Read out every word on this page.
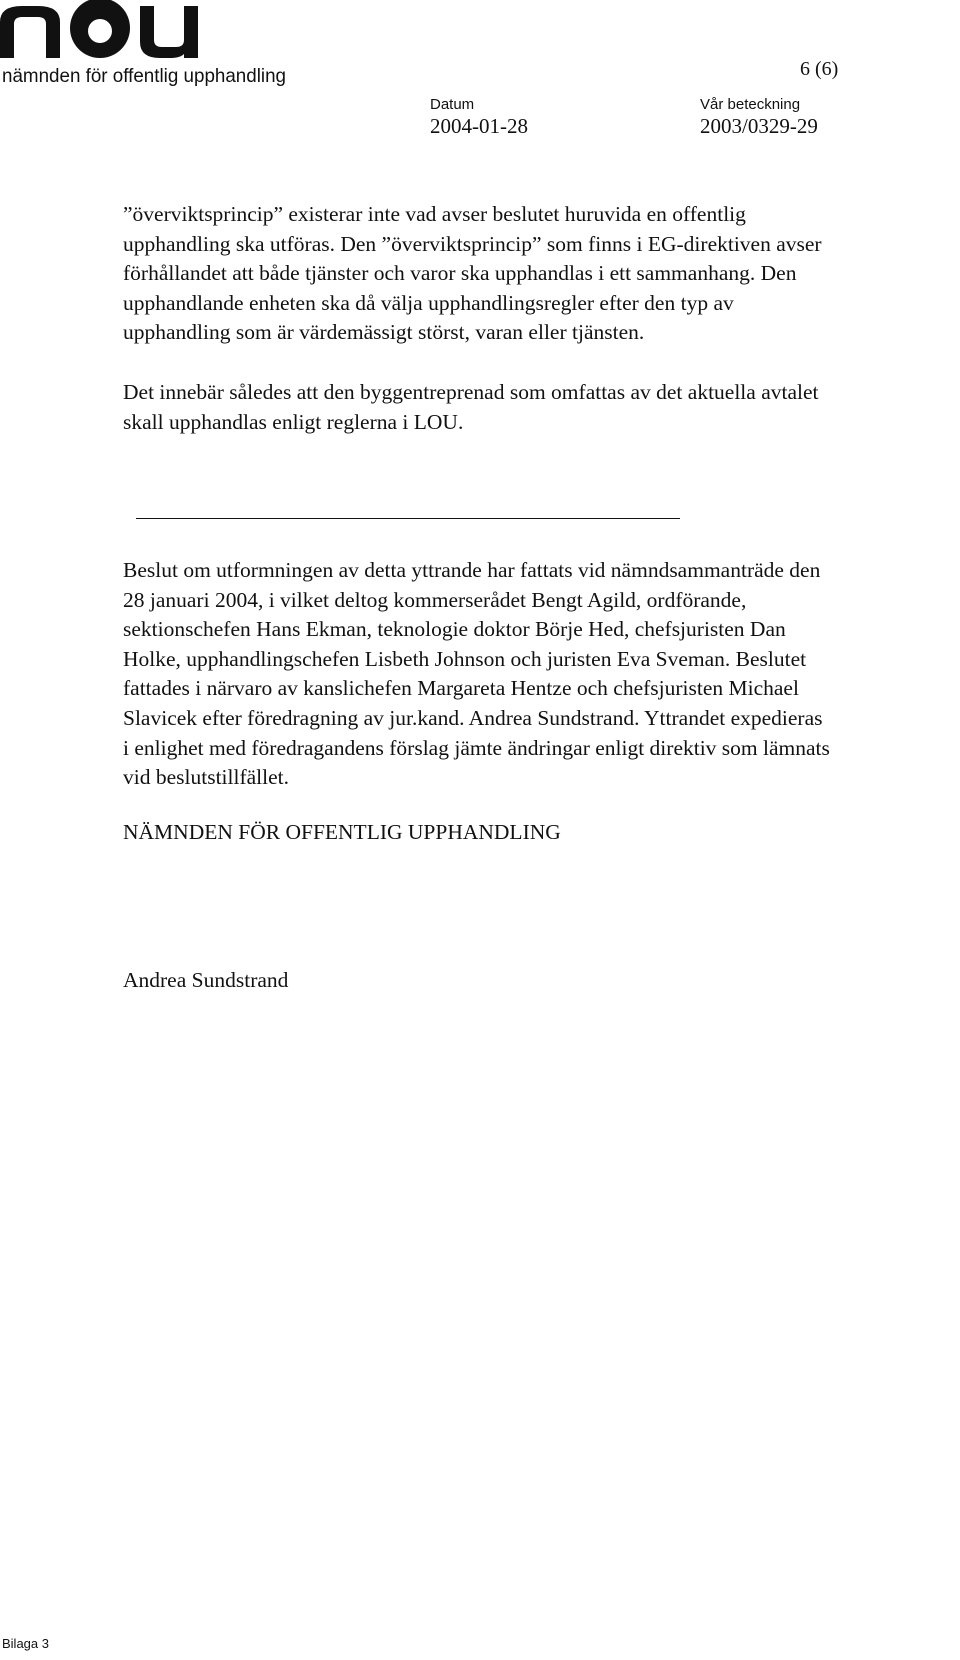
nämnden för offentlig upphandling	6 (6)
Datum
2004-01-28
Vår beteckning
2003/0329-29
”överviktsprincip” existerar inte vad avser beslutet huruvida en offentlig
upphandling ska utföras. Den ”överviktsprincip” som finns i EG-direktiven avser
förhållandet att både tjänster och varor ska upphandlas i ett sammanhang. Den
upphandlande enheten ska då välja upphandlingsregler efter den typ av
upphandling som är värdemässigt störst, varan eller tjänsten.
Det innebär således att den byggentreprenad som omfattas av det aktuella avtalet
skall upphandlas enligt reglerna i LOU.
Beslut om utformningen av detta yttrande har fattats vid nämndsammanträde den
28 januari 2004, i vilket deltog kommerserådet Bengt Agild, ordförande,
sektionschefen Hans Ekman, teknologie doktor Börje Hed, chefsjuristen Dan
Holke, upphandlingschefen Lisbeth Johnson och juristen Eva Sveman. Beslutet
fattades i närvaro av kanslichefen Margareta Hentze och chefsjuristen Michael
Slavicek efter föredragning av jur.kand. Andrea Sundstrand. Yttrandet expedieras
i enlighet med föredragandens förslag jämte ändringar enligt direktiv som lämnats
vid beslutstillfället.
NÄMNDEN FÖR OFFENTLIG UPPHANDLING
Andrea Sundstrand
Bilaga 3
